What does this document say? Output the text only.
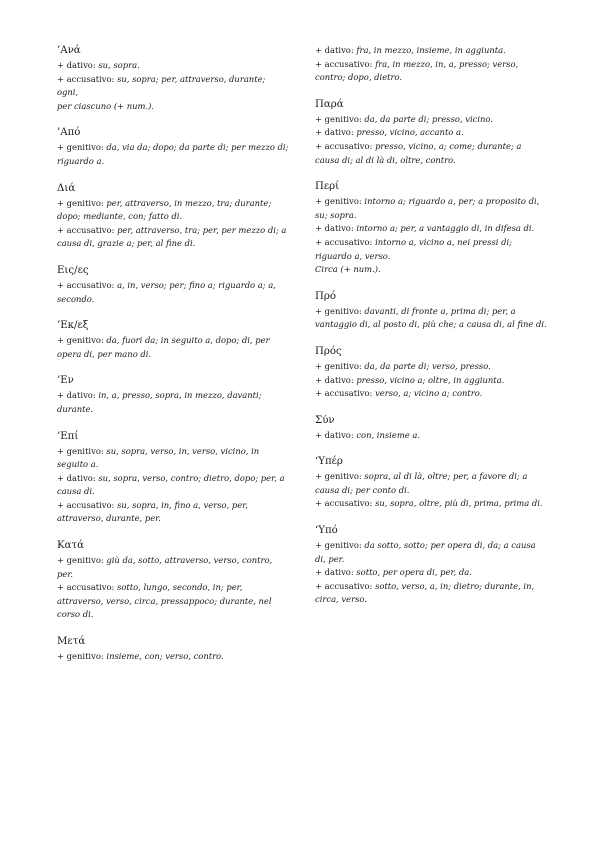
’Ανά
+ dativo: su, sopra.
+ accusativo: su, sopra; per, attraverso, durante; ogni,
per ciascuno (+ num.).
’Από
+ genitivo: da, via da; dopo; da parte di; per mezzo di; riguardo a.
Διά
+ genitivo: per, attraverso, in mezzo, tra; durante; dopo; mediante, con; fatto di.
+ accusativo: per, attraverso, tra; per, per mezzo di; a causa di, grazie a; per, al fine di.
Εις/ες
+ accusativo: a, in, verso; per; fino a; riguardo a; a, secondo.
’Εκ/εξ
+ genitivo: da, fuori da; in seguito a, dopo; di, per opera di, per mano di.
’Εν
+ dativo: in, a, presso, sopra, in mezzo, davanti; durante.
’Επί
+ genitivo: su, sopra, verso, in, verso, vicino, in seguito a.
+ dativo: su, sopra, verso, contro; dietro, dopo; per, a causa di.
+ accusativo: su, sopra, in, fino a, verso, per, attraverso, durante, per.
Κατά
+ genitivo: giù da, sotto, attraverso, verso, contro, per.
+ accusativo: sotto, lungo, secondo, in; per, attraverso, verso, circa, pressappoco; durante, nel corso di.
Μετά
+ genitivo: insieme, con; verso, contro.
+ dativo: fra, in mezzo, insieme, in aggiunta.
+ accusativo: fra, in mezzo, in, a, presso; verso, contro; dopo, dietro.
Παρά
+ genitivo: da, da parte di; presso, vicino.
+ dativo: presso, vicino, accanto a.
+ accusativo: presso, vicino, a; come; durante; a causa di; al di là di, oltre, contro.
Περί
+ genitivo: intorno a; riguardo a, per; a proposito di, su; sopra.
+ dativo: intorno a; per, a vantaggio di, in difesa di.
+ accusativo: intorno a, vicino a, nei pressi di; riguardo a, verso.
Circa (+ num.).
Πρό
+ genitivo: davanti, di fronte a, prima di; per, a vantaggio di, al posto di, più che; a causa di, al fine di.
Πρός
+ genitivo: da, da parte di; verso, presso.
+ dativo: presso, vicino a; oltre, in aggiunta.
+ accusativo: verso, a; vicino a; contro.
Σύν
+ dativo: con, insieme a.
‘Υπέρ
+ genitivo: sopra, al di là, oltre; per, a favore di; a causa di; per conto di.
+ accusativo: su, sopra, oltre, più di, prima, prima di.
‘Υπό
+ genitivo: da sotto, sotto; per opera di, da; a causa di, per.
+ dativo: sotto, per opera di, per, da.
+ accusativo: sotto, verso, a, in; dietro; durante, in, circa, verso.
